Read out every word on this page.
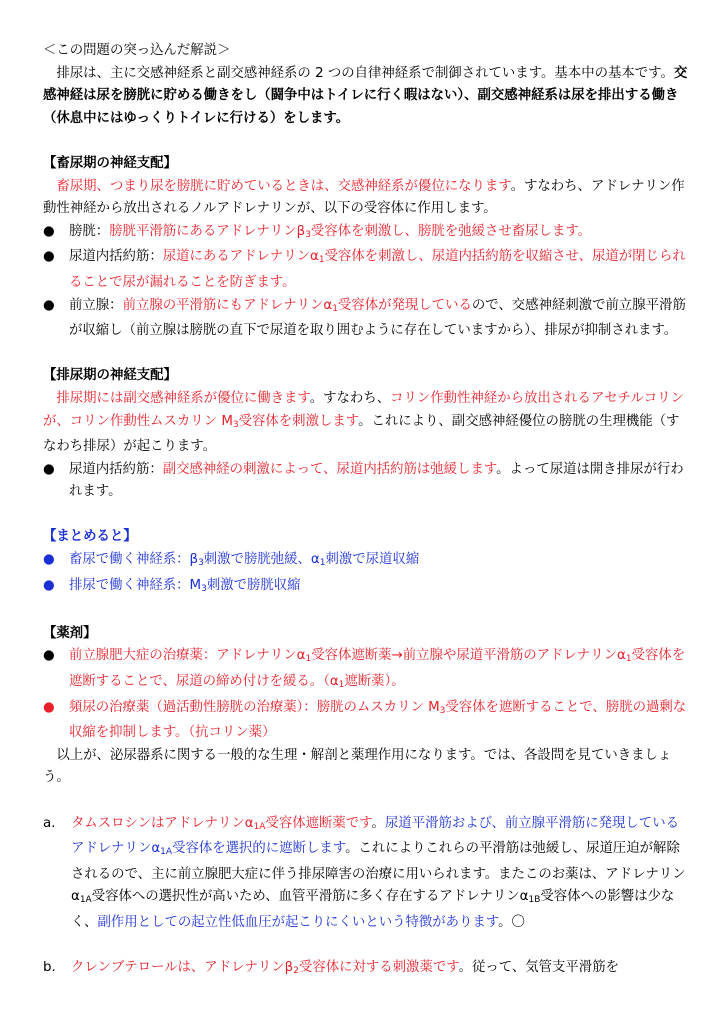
＜この問題の突っ込んだ解説＞

排尿は、主に交感神経系と副交感神経系の 2 つの自律神経系で制御されています。基本中の基本です。交感神経は尿を膀胱に貯める働きをし（闘争中はトイレに行く暇はない）、副交感神経系は尿を排出する働き（休息中にはゆっくりトイレに行ける）をします。

【畜尿期の神経支配】

畜尿期、つまり尿を膀胱に貯めているときは、交感神経系が優位になります。すなわち、アドレナリン作動性神経から放出されるノルアドレナリンが、以下の受容体に作用します。

●	膀胱：膀胱平滑筋にあるアドレナリン$\beta_3$受容体を刺激し、膀胱を弛緩させ畜尿します。

●	尿道内括約筋：尿道にあるアドレナリン$\alpha_1$受容体を刺激し、尿道内括約筋を収縮させ、尿道が閉じられることで尿が漏れることを防ぎます。

●	前立腺：前立腺の平滑筋にもアドレナリン$\alpha_1$受容体が発現しているので、交感神経刺激で前立腺平滑筋が収縮し（前立腺は膀胱の直下で尿道を取り囲むように存在していますから）、排尿が抑制されます。

【排尿期の神経支配】

排尿期には副交感神経系が優位に働きます。すなわち、コリン作動性神経から放出されるアセチルコリンが、コリン作動性ムスカリン $M_3$受容体を刺激します。これにより、副交感神経優位の膀胱の生理機能（すなわち排尿）が起こります。

●	尿道内括約筋：副交感神経の刺激によって、尿道内括約筋は弛緩します。よって尿道は開き排尿が行われます。

【まとめると】

●	畜尿で働く神経系：$\beta_3$刺激で膀胱弛緩、$\alpha_1$刺激で尿道収縮

●	排尿で働く神経系：$M_3$刺激で膀胱収縮

【薬剤】

●	前立腺肥大症の治療薬：アドレナリン$\alpha_1$受容体遮断薬→前立腺や尿道平滑筋のアドレナリン$\alpha_1$受容体を遮断することで、尿道の締め付けを緩る。（$\alpha_1$遮断薬）。

●	頻尿の治療薬（過活動性膀胱の治療薬）：膀胱のムスカリン $M_3$受容体を遮断することで、膀胱の過剰な収縮を抑制します。（抗コリン薬）

以上が、泌尿器系に関する一般的な生理・解剖と薬理作用になります。では、各設問を見ていきましょう。

a. タムスロシンはアドレナリン$\alpha_{1A}$受容体遮断薬です。尿道平滑筋および、前立腺平滑筋に発現しているアドレナリン$\alpha_{1A}$受容体を選択的に遮断します。これによりこれらの平滑筋は弛緩し、尿道圧迫が解除されるので、主に前立腺肥大症に伴う排尿障害の治療に用いられます。またこのお薬は、アドレナリン$\alpha_{1A}$受容体への選択性が高いため、血管平滑筋に多く存在するアドレナリン$\alpha_{1B}$受容体への影響は少なく、副作用としての起立性低血圧が起こりにくいという特徴があります。〇

b. クレンブテロールは、アドレナリン$\beta_2$受容体に対する刺激薬です。従って、気管支平滑筋を
